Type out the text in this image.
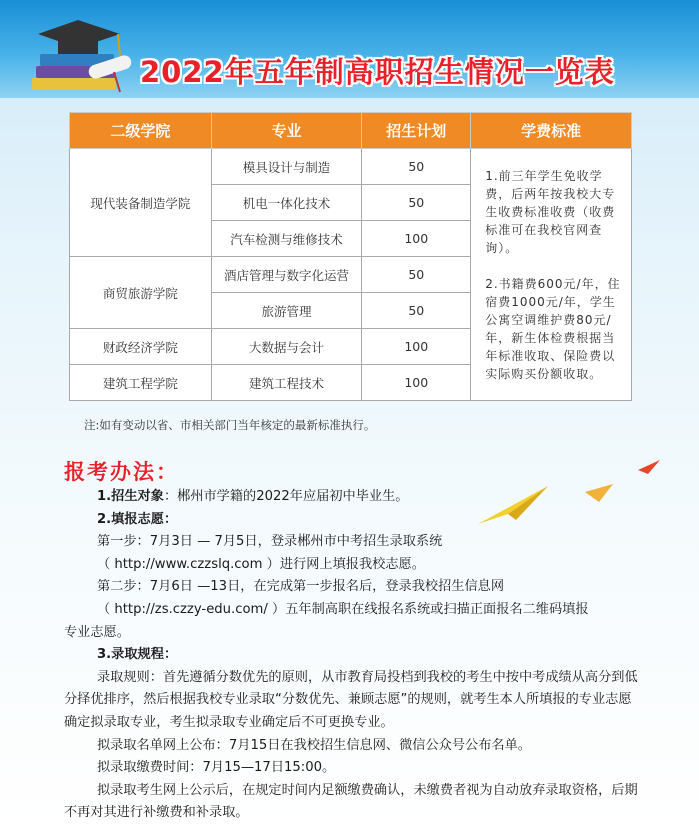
2022年五年制高职招生情况一览表
二级学院	专业	招生计划	学费标准
现代装备制造学院	模具设计与制造	50	1.前三年学生免收学费，后两年按我校大专生收费标准收费（收费标准可在我校官网查询）。

2.书籍费600元/年，住宿费1000元/年，学生公寓空调维护费80元/年，新生体检费根据当年标准收取、保险费以实际购买份额收取。

	机电一体化技术	50	
	汽车检测与维修技术	100	
商贸旅游学院	酒店管理与数字化运营	50	
	旅游管理	50	
财政经济学院	大数据与会计	100	
建筑工程学院	建筑工程技术	100	
注:如有变动以省、市相关部门当年核定的最新标准执行。
报考办法：

1.招生对象：郴州市学籍的2022年应届初中毕业生。

2.填报志愿：

第一步：7月3日 — 7月5日，登录郴州市中考招生录取系统

（ http://www.czzslq.com ）进行网上填报我校志愿。

第二步：7月6日 —13日，在完成第一步报名后，登录我校招生信息网

（ http://zs.czzy-edu.com/ ）五年制高职在线报名系统或扫描正面报名二维码填报

专业志愿。

3.录取规程：

录取规则：首先遵循分数优先的原则，从市教育局投档到我校的考生中按中考成绩从高分到低分择优排序，然后根据我校专业录取“分数优先、兼顾志愿”的规则，就考生本人所填报的专业志愿确定拟录取专业，考生拟录取专业确定后不可更换专业。

拟录取名单网上公布：7月15日在我校招生信息网、微信公众号公布名单。

拟录取缴费时间：7月15—17日15:00。

拟录取考生网上公示后，在规定时间内足额缴费确认，未缴费者视为自动放弃录取资格，后期不再对其进行补缴费和补录取。
